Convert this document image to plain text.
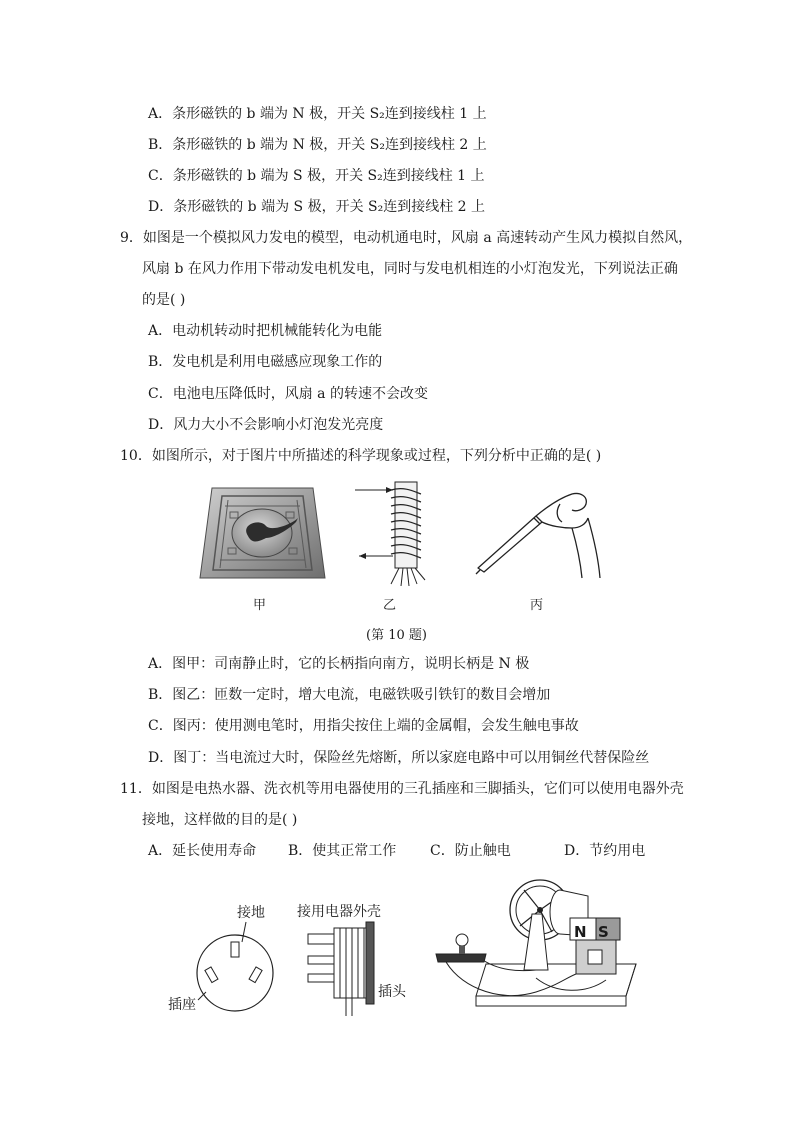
A．条形磁铁的 b 端为 N 极，开关 S₂连到接线柱 1 上
B．条形磁铁的 b 端为 N 极，开关 S₂连到接线柱 2 上
C．条形磁铁的 b 端为 S 极，开关 S₂连到接线柱 1 上
D．条形磁铁的 b 端为 S 极，开关 S₂连到接线柱 2 上
9．如图是一个模拟风力发电的模型，电动机通电时，风扇 a 高速转动产生风力模拟自然风，
风扇 b 在风力作用下带动发电机发电，同时与发电机相连的小灯泡发光，下列说法正确
的是( )
A．电动机转动时把机械能转化为电能
B．发电机是利用电磁感应现象工作的
C．电池电压降低时，风扇 a 的转速不会改变
D．风力大小不会影响小灯泡发光亮度
10．如图所示，对于图片中所描述的科学现象或过程，下列分析中正确的是( )
甲	乙	丙
(第 10 题)
A．图甲：司南静止时，它的长柄指向南方，说明长柄是 N 极
B．图乙：匝数一定时，增大电流，电磁铁吸引铁钉的数目会增加
C．图丙：使用测电笔时，用指尖按住上端的金属帽，会发生触电事故
D．图丁：当电流过大时，保险丝先熔断，所以家庭电路中可以用铜丝代替保险丝
11．如图是电热水器、洗衣机等用电器使用的三孔插座和三脚插头，它们可以使用电器外壳
接地，这样做的目的是( )
A．延长使用寿命 B．使其正常工作 C．防止触电	D．节约用电
接地
插座
接用电器外壳
插头
N S
